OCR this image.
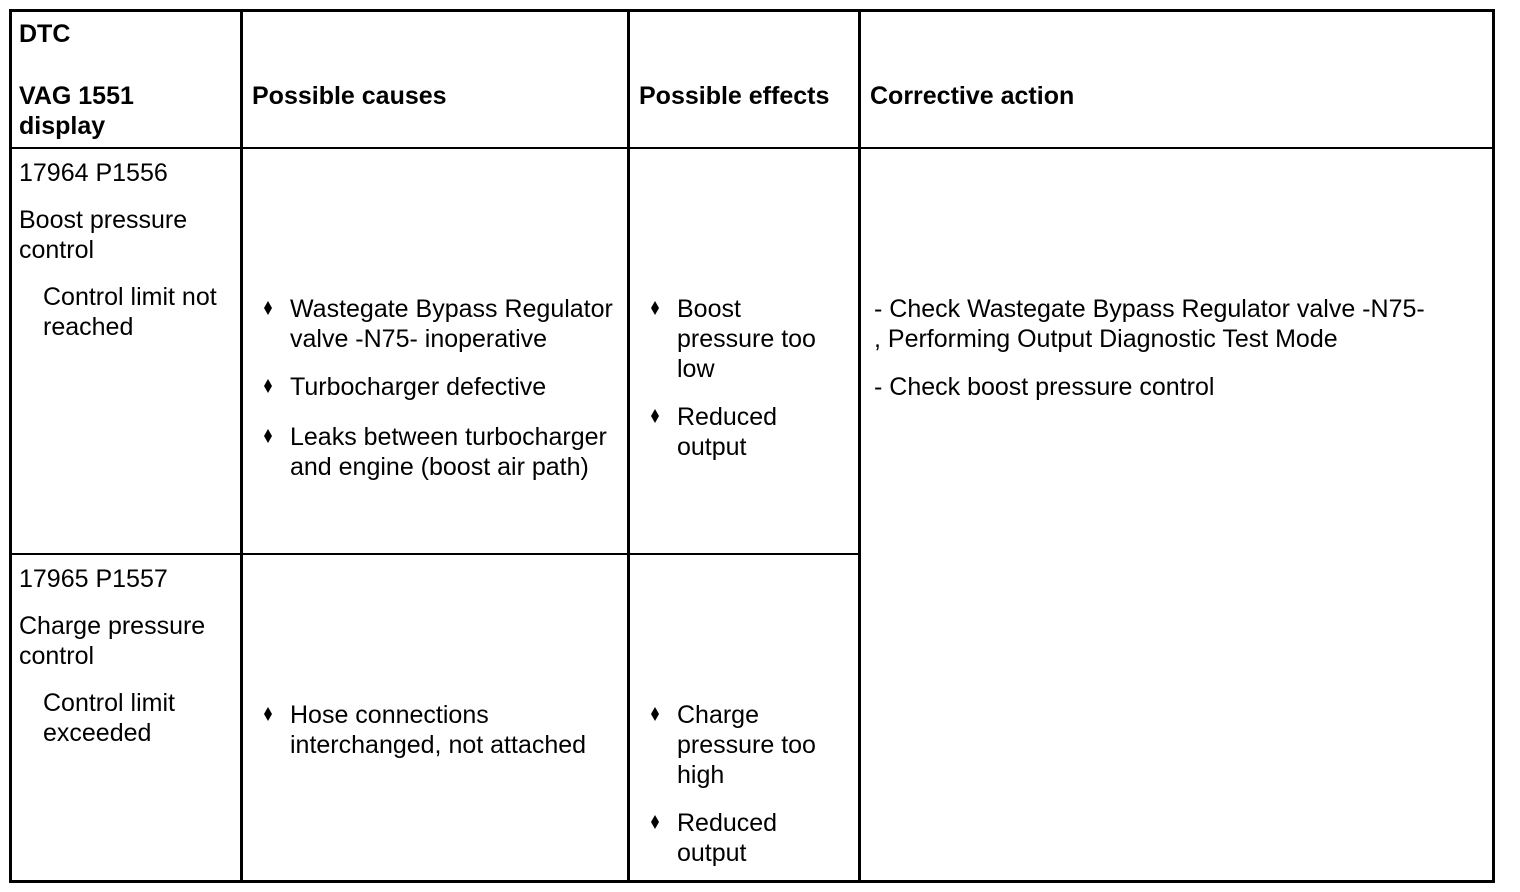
DTC
VAG 1551
display
Possible causes	Possible effects	Corrective action
17964 P1556
Boost pressure control
Control limit not reached
Wastegate Bypass Regulator valve -N75- inoperative
Turbocharger defective
Leaks between turbocharger and engine (boost air path)
Boost pressure too low
Reduced output
- Check Wastegate Bypass Regulator valve -N75-
, Performing Output Diagnostic Test Mode
- Check boost pressure control
17965 P1557
Charge pressure control
Control limit exceeded
Hose connections interchanged, not attached
Charge pressure too high
Reduced output
